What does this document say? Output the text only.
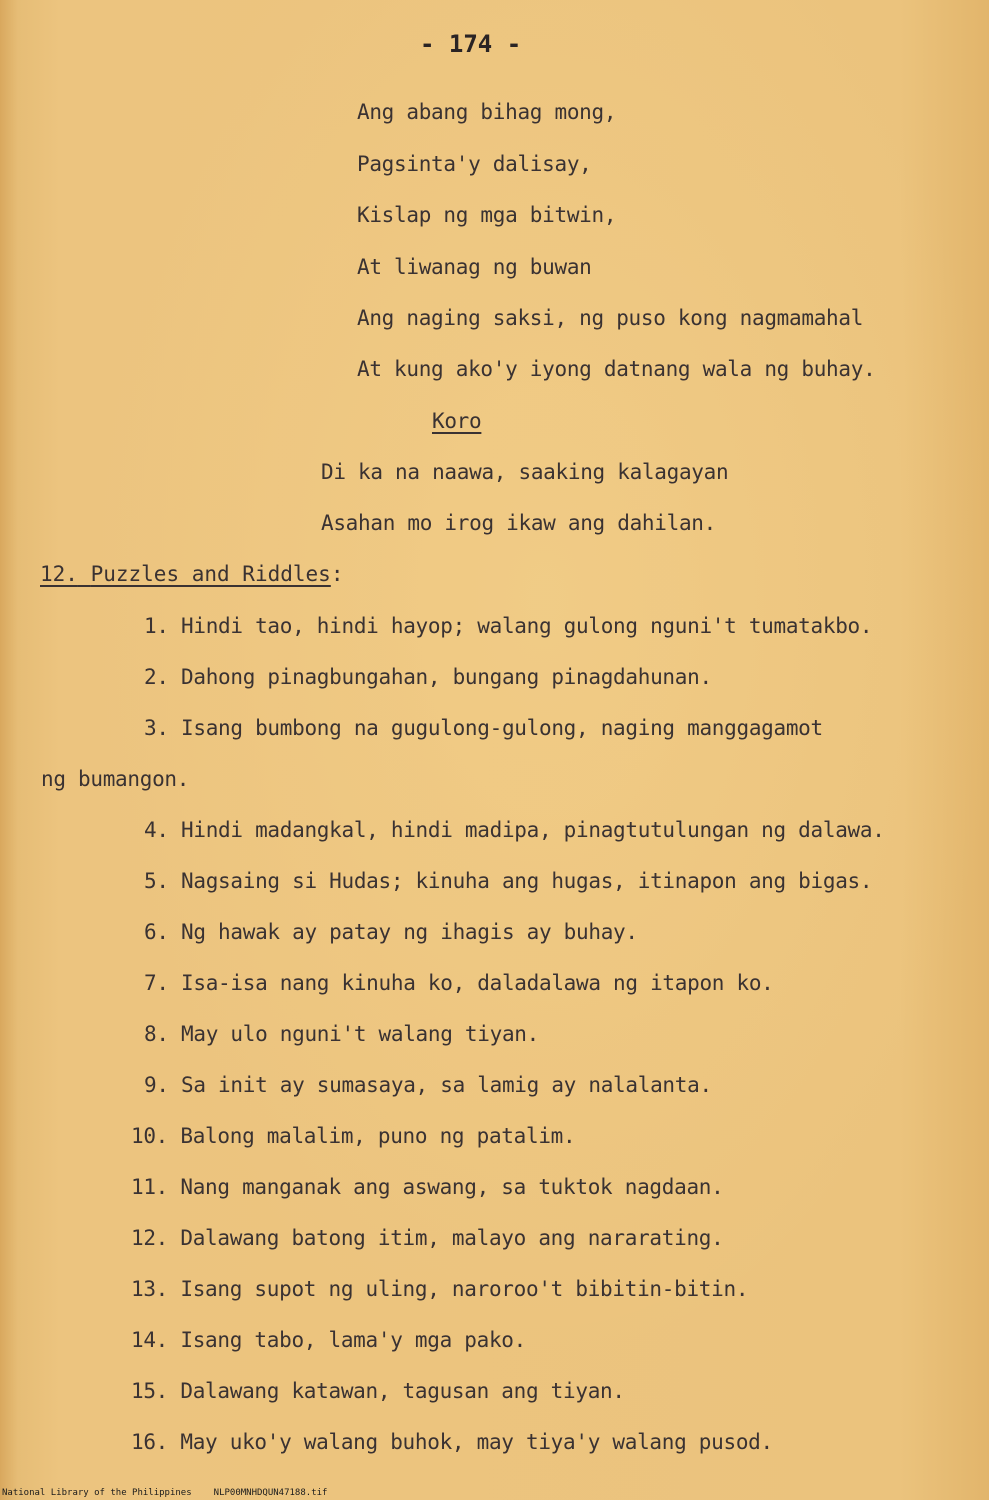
- 174 -
Ang abang bihag mong,
Pagsinta'y dalisay,
Kislap ng mga bitwin,
At liwanag ng buwan
Ang naging saksi, ng puso kong nagmamahal
At kung ako'y iyong datnang wala ng buhay.
Koro
Di ka na naawa, saaking kalagayan
Asahan mo irog ikaw ang dahilan.
12. Puzzles and Riddles:
1. Hindi tao, hindi hayop; walang gulong nguni't tumatakbo.
2. Dahong pinagbungahan, bungang pinagdahunan.
3. Isang bumbong na gugulong-gulong, naging manggagamot
ng bumangon.
4. Hindi madangkal, hindi madipa, pinagtutulungan ng dalawa.
5. Nagsaing si Hudas; kinuha ang hugas, itinapon ang bigas.
6. Ng hawak ay patay ng ihagis ay buhay.
7. Isa-isa nang kinuha ko, daladalawa ng itapon ko.
8. May ulo nguni't walang tiyan.
9. Sa init ay sumasaya, sa lamig ay nalalanta.
10. Balong malalim, puno ng patalim.
11. Nang manganak ang aswang, sa tuktok nagdaan.
12. Dalawang batong itim, malayo ang nararating.
13. Isang supot ng uling, naroroo't bibitin-bitin.
14. Isang tabo, lama'y mga pako.
15. Dalawang katawan, tagusan ang tiyan.
16. May uko'y walang buhok, may tiya'y walang pusod.
National Library of the Philippines NLP00MNHDQUN47188.tif
